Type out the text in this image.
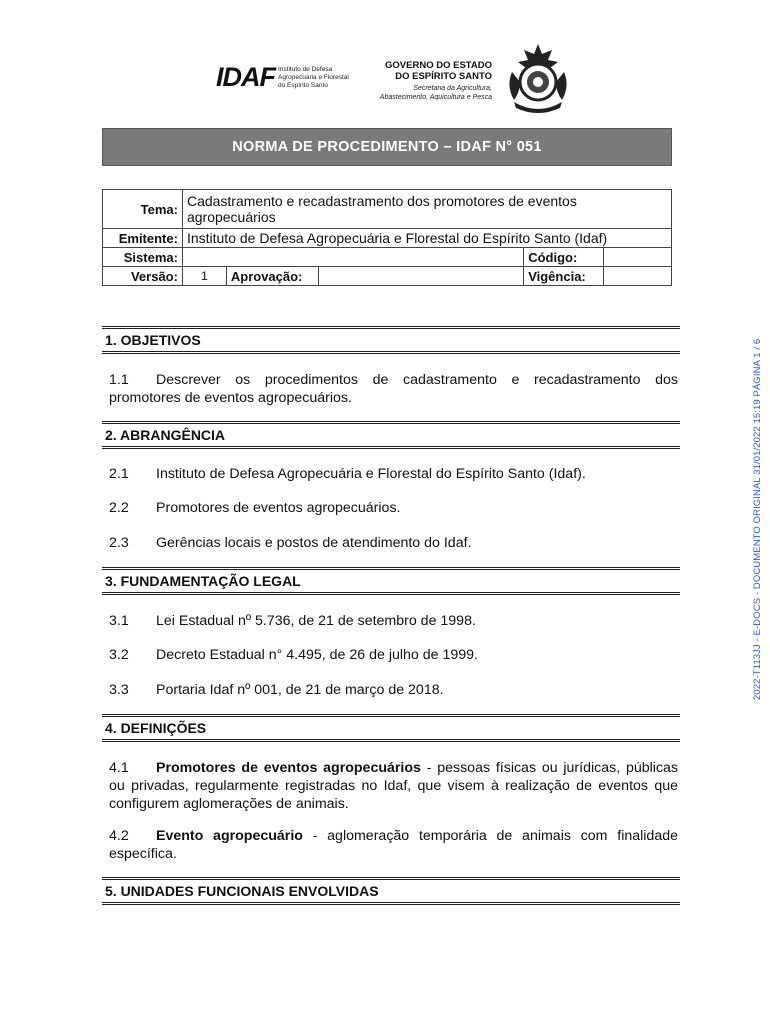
IDAF Instituto de Defesa
Agropecuária e Florestal
do Espírito Santo
GOVERNO DO ESTADO
DO ESPÍRITO SANTO
Secretaria da Agricultura,
Abastecimento, Aquicultura e Pesca
NORMA DE PROCEDIMENTO – IDAF N° 051
Tema:	Cadastramento e recadastramento dos promotores de eventos agropecuários				
Emitente:	Instituto de Defesa Agropecuária e Florestal do Espírito Santo (Idaf)				
Sistema:				Código:	
Versão:	1	Aprovação:		Vigência:	
1. OBJETIVOS
1.1 Descrever os procedimentos de cadastramento e recadastramento dos promotores de eventos agropecuários.
2. ABRANGÊNCIA
2.1 Instituto de Defesa Agropecuária e Florestal do Espírito Santo (Idaf).
2.2 Promotores de eventos agropecuários.
2.3 Gerências locais e postos de atendimento do Idaf.
3. FUNDAMENTAÇÃO LEGAL
3.1 Lei Estadual nº 5.736, de 21 de setembro de 1998.
3.2 Decreto Estadual n° 4.495, de 26 de julho de 1999.
3.3 Portaria Idaf nº 001, de 21 de março de 2018.
4. DEFINIÇÕES
4.1 Promotores de eventos agropecuários - pessoas físicas ou jurídicas, públicas ou privadas, regularmente registradas no Idaf, que visem à realização de eventos que configurem aglomerações de animais.
4.2 Evento agropecuário - aglomeração temporária de animais com finalidade específica.
5. UNIDADES FUNCIONAIS ENVOLVIDAS
2022-T113JJ - E-DOCS - DOCUMENTO ORIGINAL 31/01/2022 15:19 PÁGINA 1 / 6
